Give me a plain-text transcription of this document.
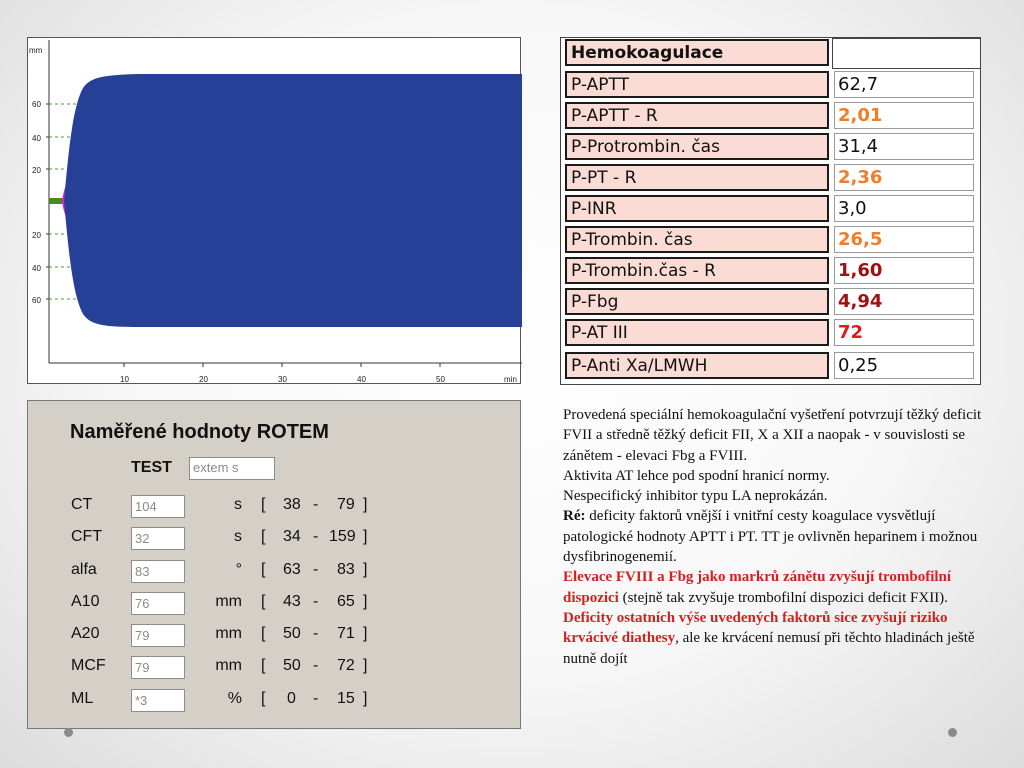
mm
60
40
20
20
40
60
10	20	30	40	50	min
Hemokoagulace
P-APTT	62,7
P-APTT - R	2,01
P-Protrombin. čas	31,4
P-PT - R	2,36
P-INR	3,0
P-Trombin. čas	26,5
P-Trombin.čas - R	1,60
P-Fbg	4,94
P-AT III	72
P-Anti Xa/LMWH	0,25
Naměřené hodnoty ROTEM
TEST	extem s
CT	104	s [ 38 - 79 ]
CFT	32	s [ 34 - 159 ]
alfa	83	° [ 63 - 83 ]
A10	76	mm [ 43 - 65 ]
A20	79	mm [ 50 - 71 ]
MCF	79	mm [ 50 - 72 ]
ML	*3	% [ 0 - 15 ]

Provedená speciální hemokoagulační vyšetření potvrzují těžký deficit FVII a středně těžký deficit FII, X a XII a naopak - v souvislosti se zánětem - elevaci Fbg a FVIII.

Aktivita AT lehce pod spodní hranicí normy.

Nespecifický inhibitor typu LA neprokázán.

Ré: deficity faktorů vnější i vnitřní cesty koagulace vysvětlují patologické hodnoty APTT i PT. TT je ovlivněn heparinem i možnou dysfibrinogenemií.

Elevace FVIII a Fbg jako markrů zánětu zvyšují trombofilní dispozici (stejně tak zvyšuje trombofilní dispozici deficit FXII). Deficity ostatních výše uvedených faktorů sice zvyšují riziko krvácivé diathesy, ale ke krvácení nemusí při těchto hladinách ještě nutně dojít
